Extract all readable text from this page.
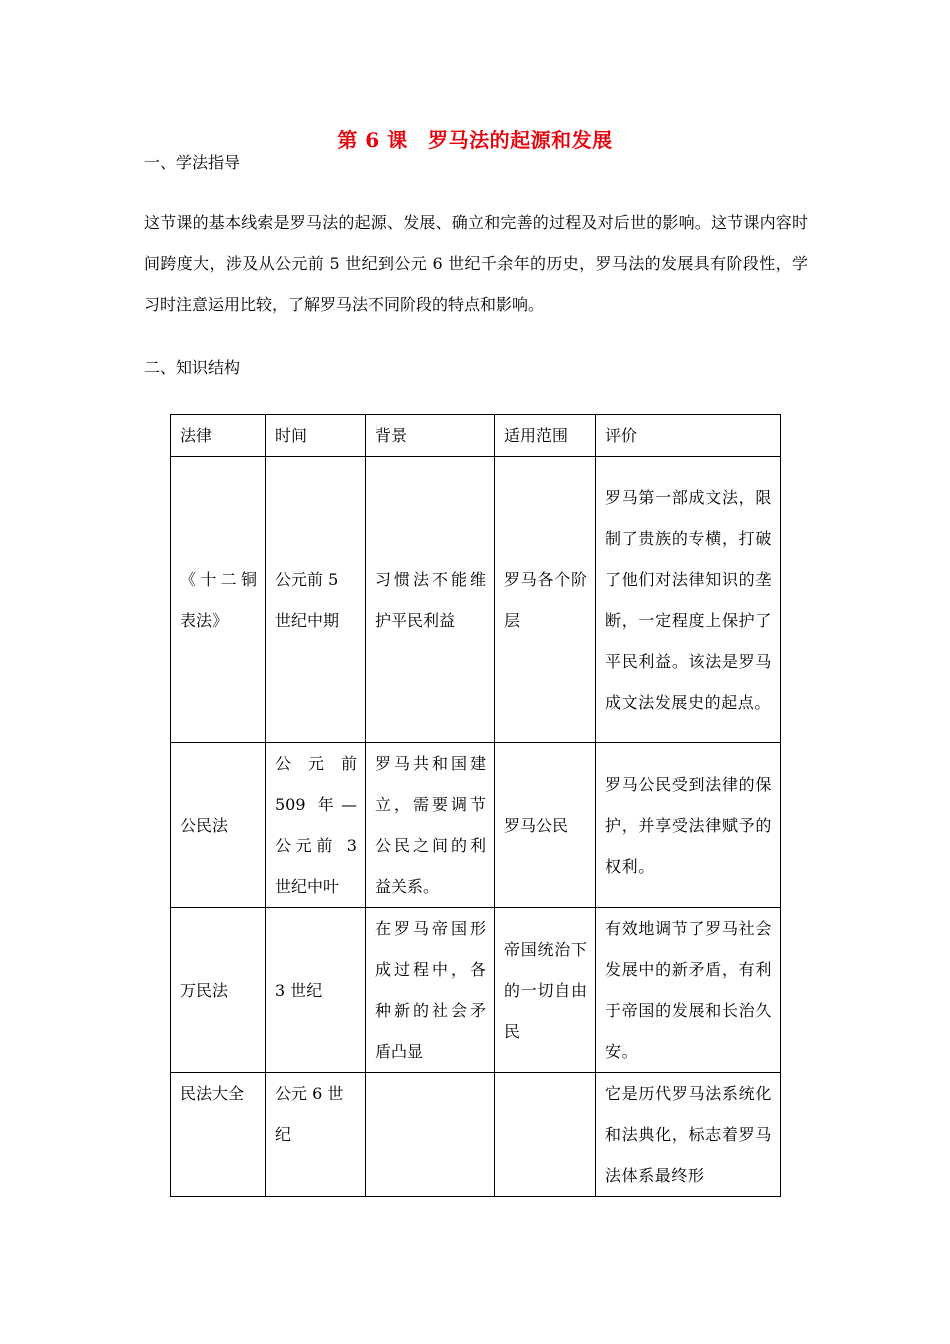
第 6 课　罗马法的起源和发展

一、学法指导

这节课的基本线索是罗马法的起源、发展、确立和完善的过程及对后世的影响。这节课内容时间跨度大，涉及从公元前 5 世纪到公元 6 世纪千余年的历史，罗马法的发展具有阶段性，学习时注意运用比较，了解罗马法不同阶段的特点和影响。

二、知识结构

法律	时间	背景	适用范围	评价
《十二铜表法》	公元前 5 世纪中期	习惯法不能维护平民利益	罗马各个阶层	罗马第一部成文法，限制了贵族的专横，打破了他们对法律知识的垄断，一定程度上保护了平民利益。该法是罗马成文法发展史的起点。
公民法	公元前 509 年—公元前 3 世纪中叶	罗马共和国建立，需要调节公民之间的利益关系。	罗马公民	罗马公民受到法律的保护，并享受法律赋予的权利。
万民法	3 世纪	在罗马帝国形成过程中，各种新的社会矛盾凸显	帝国统治下的一切自由民	有效地调节了罗马社会发展中的新矛盾，有利于帝国的发展和长治久安。
民法大全	公元 6 世纪			它是历代罗马法系统化和法典化，标志着罗马法体系最终形
